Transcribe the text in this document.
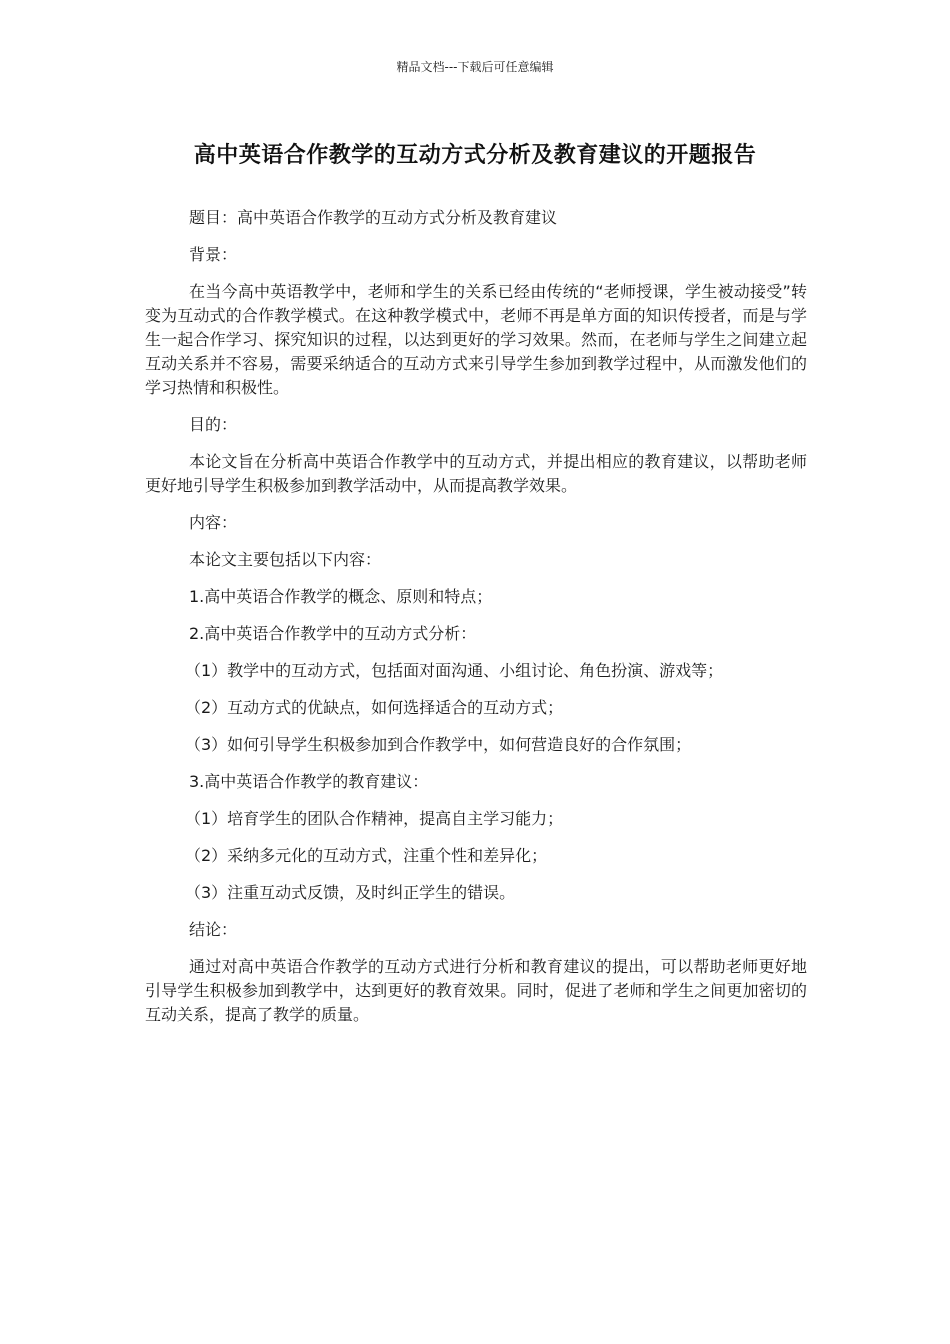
精品文档---下载后可任意编辑
高中英语合作教学的互动方式分析及教育建议的开题报告

题目：高中英语合作教学的互动方式分析及教育建议

背景：

在当今高中英语教学中，老师和学生的关系已经由传统的“老师授课，学生被动接受”转变为互动式的合作教学模式。在这种教学模式中，老师不再是单方面的知识传授者，而是与学生一起合作学习、探究知识的过程，以达到更好的学习效果。然而，在老师与学生之间建立起互动关系并不容易，需要采纳适合的互动方式来引导学生参加到教学过程中，从而激发他们的学习热情和积极性。

目的：

本论文旨在分析高中英语合作教学中的互动方式，并提出相应的教育建议，以帮助老师更好地引导学生积极参加到教学活动中，从而提高教学效果。

内容：

本论文主要包括以下内容：

1.高中英语合作教学的概念、原则和特点；

2.高中英语合作教学中的互动方式分析：

（1）教学中的互动方式，包括面对面沟通、小组讨论、角色扮演、游戏等；

（2）互动方式的优缺点，如何选择适合的互动方式；

（3）如何引导学生积极参加到合作教学中，如何营造良好的合作氛围；

3.高中英语合作教学的教育建议：

（1）培育学生的团队合作精神，提高自主学习能力；

（2）采纳多元化的互动方式，注重个性和差异化；

（3）注重互动式反馈，及时纠正学生的错误。

结论：

通过对高中英语合作教学的互动方式进行分析和教育建议的提出，可以帮助老师更好地引导学生积极参加到教学中，达到更好的教育效果。同时，促进了老师和学生之间更加密切的互动关系，提高了教学的质量。
